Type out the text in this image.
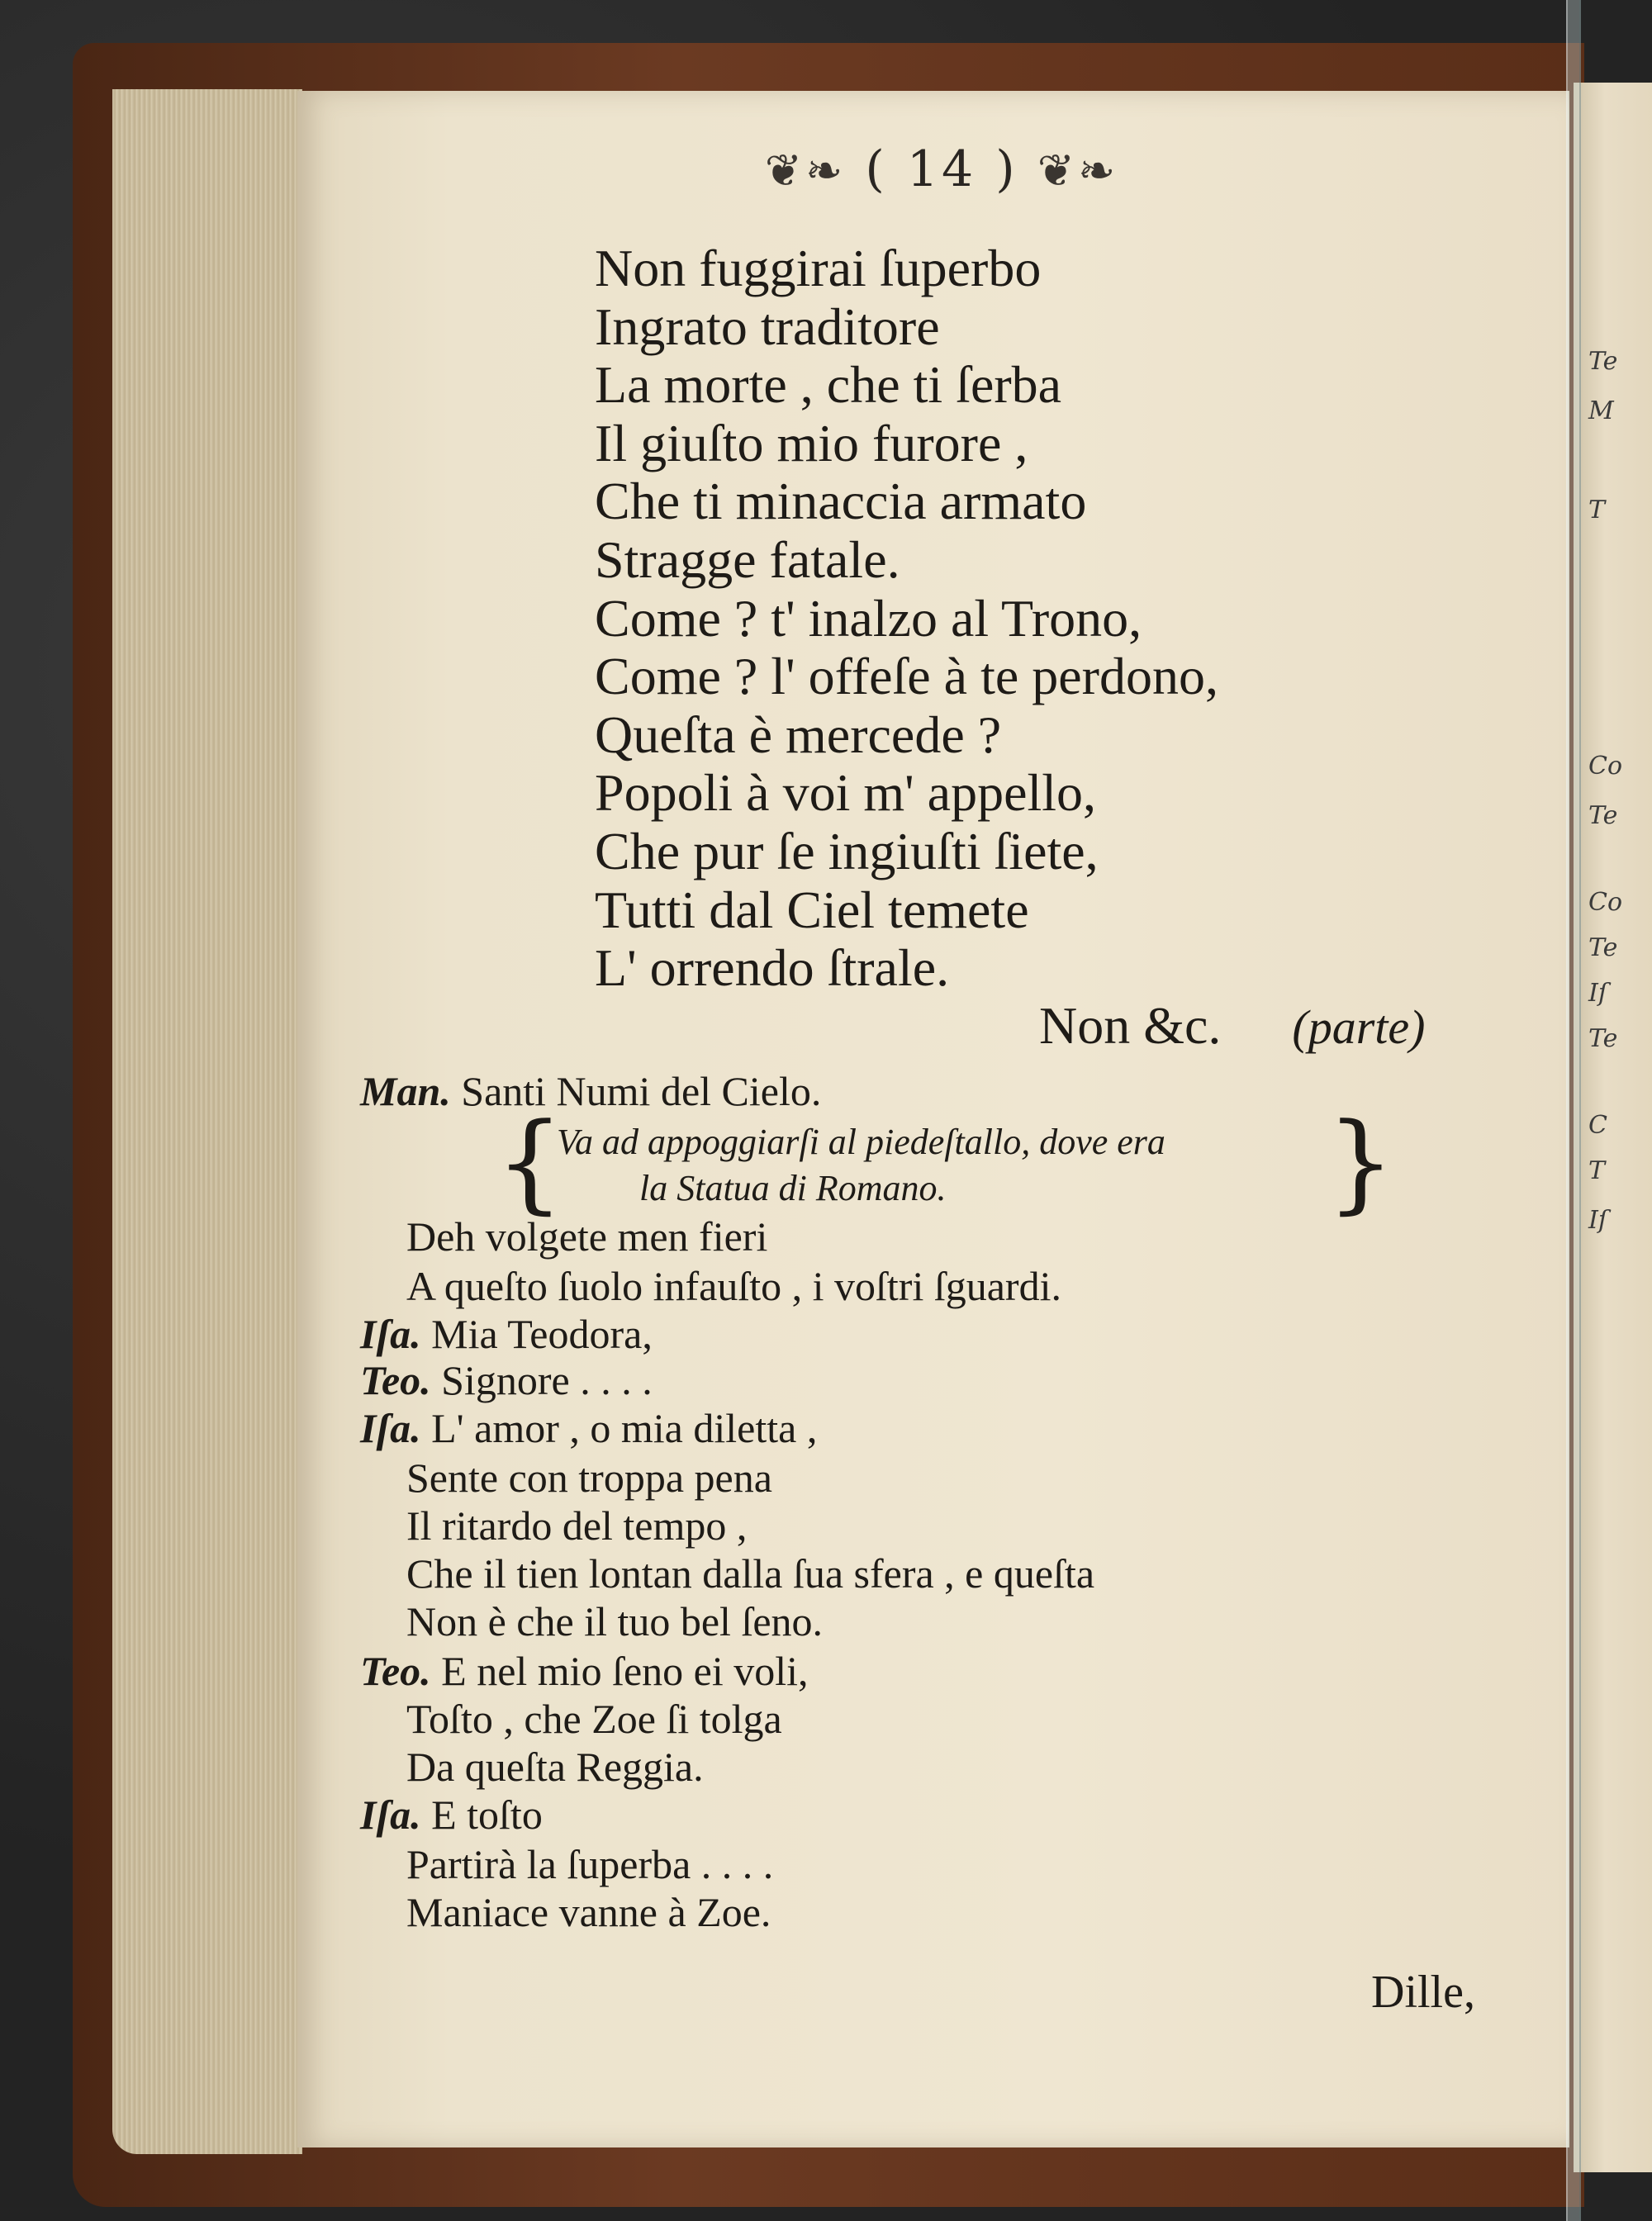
Te
M
T
Co
Te
Co
Te
Iſ
Te
C
T
Iſ
❦❧ ( 14 ) ❦❧
Non fuggirai ſuperbo
Ingrato traditore
La morte , che ti ſerba
Il giuſto mio furore ,
Che ti minaccia armato
Stragge fatale.
Come ? t' inalzo al Trono,
Come ? l' offeſe à te perdono,
Queſta è mercede ?
Popoli à voi m' appello,
Che pur ſe ingiuſti ſiete,
Tutti dal Ciel temete
L' orrendo ſtrale.
Non &c. (parte)
Man. Santi Numi del Cielo.
Deh volgete men fieri
A queſto ſuolo infauſto , i voſtri ſguardi.
Iſa. Mia Teodora,
Teo. Signore . . . .
Iſa. L' amor , o mia diletta ,
Sente con troppa pena
Il ritardo del tempo ,
Che il tien lontan dalla ſua sfera , e queſta
Non è che il tuo bel ſeno.
Teo. E nel mio ſeno ei voli,
Toſto , che Zoe ſi tolga
Da queſta Reggia.
Iſa. E toſto
Partirà la ſuperba . . . .
Maniace vanne à Zoe.
{
Va ad appoggiarſi al piedeſtallo, dove era
la Statua di Romano.	}
Dille,
